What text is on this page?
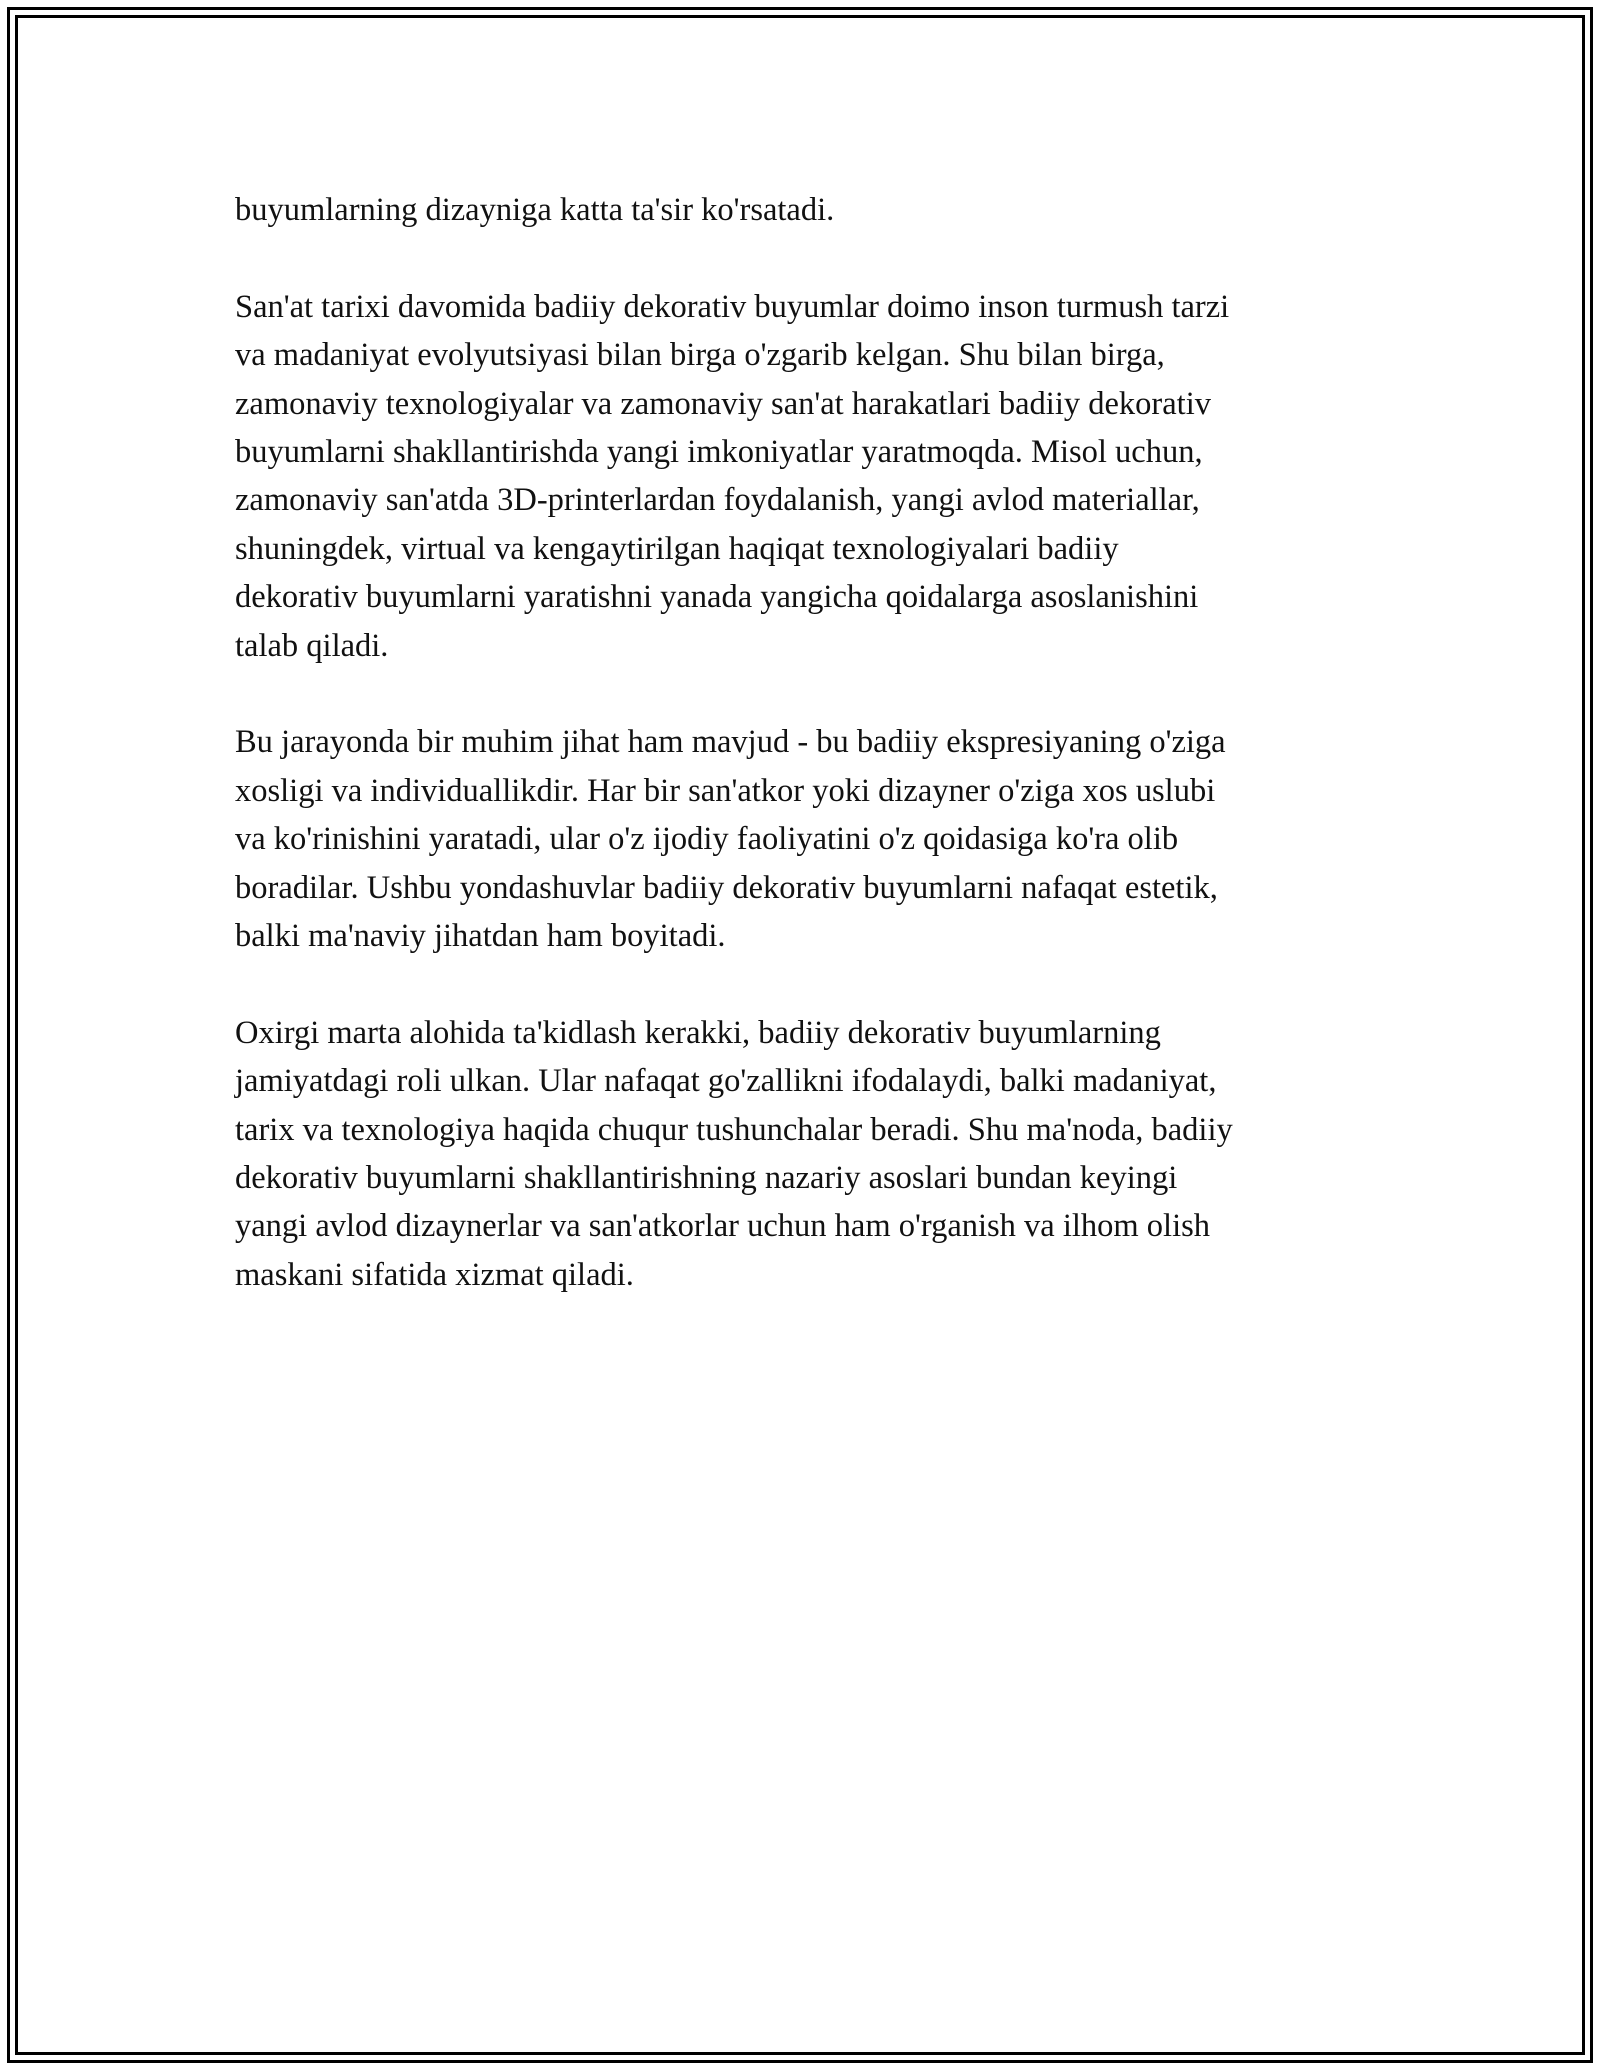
buyumlarning dizayniga katta ta'sir ko'rsatadi.

San'at tarixi davomida badiiy dekorativ buyumlar doimo inson turmush tarzi
va madaniyat evolyutsiyasi bilan birga o'zgarib kelgan. Shu bilan birga,
zamonaviy texnologiyalar va zamonaviy san'at harakatlari badiiy dekorativ
buyumlarni shakllantirishda yangi imkoniyatlar yaratmoqda. Misol uchun,
zamonaviy san'atda 3D-printerlardan foydalanish, yangi avlod materiallar,
shuningdek, virtual va kengaytirilgan haqiqat texnologiyalari badiiy
dekorativ buyumlarni yaratishni yanada yangicha qoidalarga asoslanishini
talab qiladi.

Bu jarayonda bir muhim jihat ham mavjud - bu badiiy ekspresiyaning o'ziga
xosligi va individuallikdir. Har bir san'atkor yoki dizayner o'ziga xos uslubi
va ko'rinishini yaratadi, ular o'z ijodiy faoliyatini o'z qoidasiga ko'ra olib
boradilar. Ushbu yondashuvlar badiiy dekorativ buyumlarni nafaqat estetik,
balki ma'naviy jihatdan ham boyitadi.

Oxirgi marta alohida ta'kidlash kerakki, badiiy dekorativ buyumlarning
jamiyatdagi roli ulkan. Ular nafaqat go'zallikni ifodalaydi, balki madaniyat,
tarix va texnologiya haqida chuqur tushunchalar beradi. Shu ma'noda, badiiy
dekorativ buyumlarni shakllantirishning nazariy asoslari bundan keyingi
yangi avlod dizaynerlar va san'atkorlar uchun ham o'rganish va ilhom olish
maskani sifatida xizmat qiladi.
